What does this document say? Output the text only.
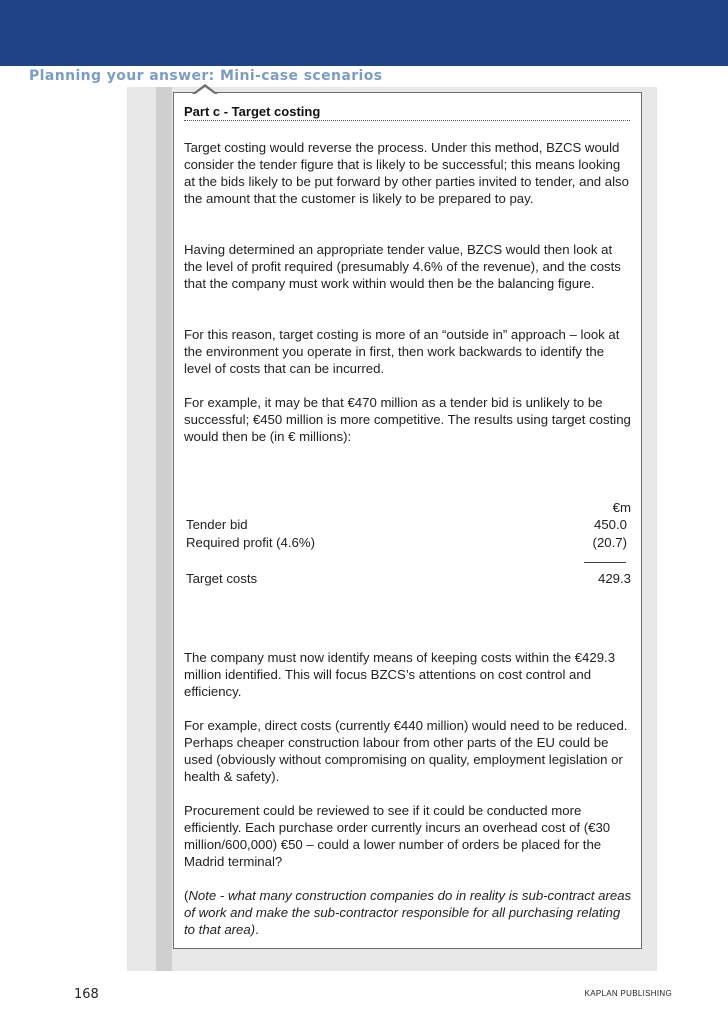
Planning your answer: Mini-case scenarios
Part c - Target costing

Target costing would reverse the process. Under this method, BZCS would consider the tender figure that is likely to be successful; this means looking at the bids likely to be put forward by other parties invited to tender, and also the amount that the customer is likely to be prepared to pay.

Having determined an appropriate tender value, BZCS would then look at the level of profit required (presumably 4.6% of the revenue), and the costs that the company must work within would then be the balancing figure.

For this reason, target costing is more of an “outside in” approach – look at the environment you operate in first, then work backwards to identify the level of costs that can be incurred.

For example, it may be that €470 million as a tender bid is unlikely to be successful; €450 million is more competitive. The results using target costing would then be (in € millions):

€m
Tender bid	450.0
Required profit (4.6%)	(20.7)
Target costs	429.3

The company must now identify means of keeping costs within the €429.3 million identified. This will focus BZCS’s attentions on cost control and efficiency.

For example, direct costs (currently €440 million) would need to be reduced. Perhaps cheaper construction labour from other parts of the EU could be used (obviously without compromising on quality, employment legislation or health & safety).

Procurement could be reviewed to see if it could be conducted more efficiently. Each purchase order currently incurs an overhead cost of (€30 million/600,000) €50 – could a lower number of orders be placed for the Madrid terminal?

(Note - what many construction companies do in reality is sub-contract areas of work and make the sub-contractor responsible for all purchasing relating to that area).

168	KAPLAN PUBLISHING
